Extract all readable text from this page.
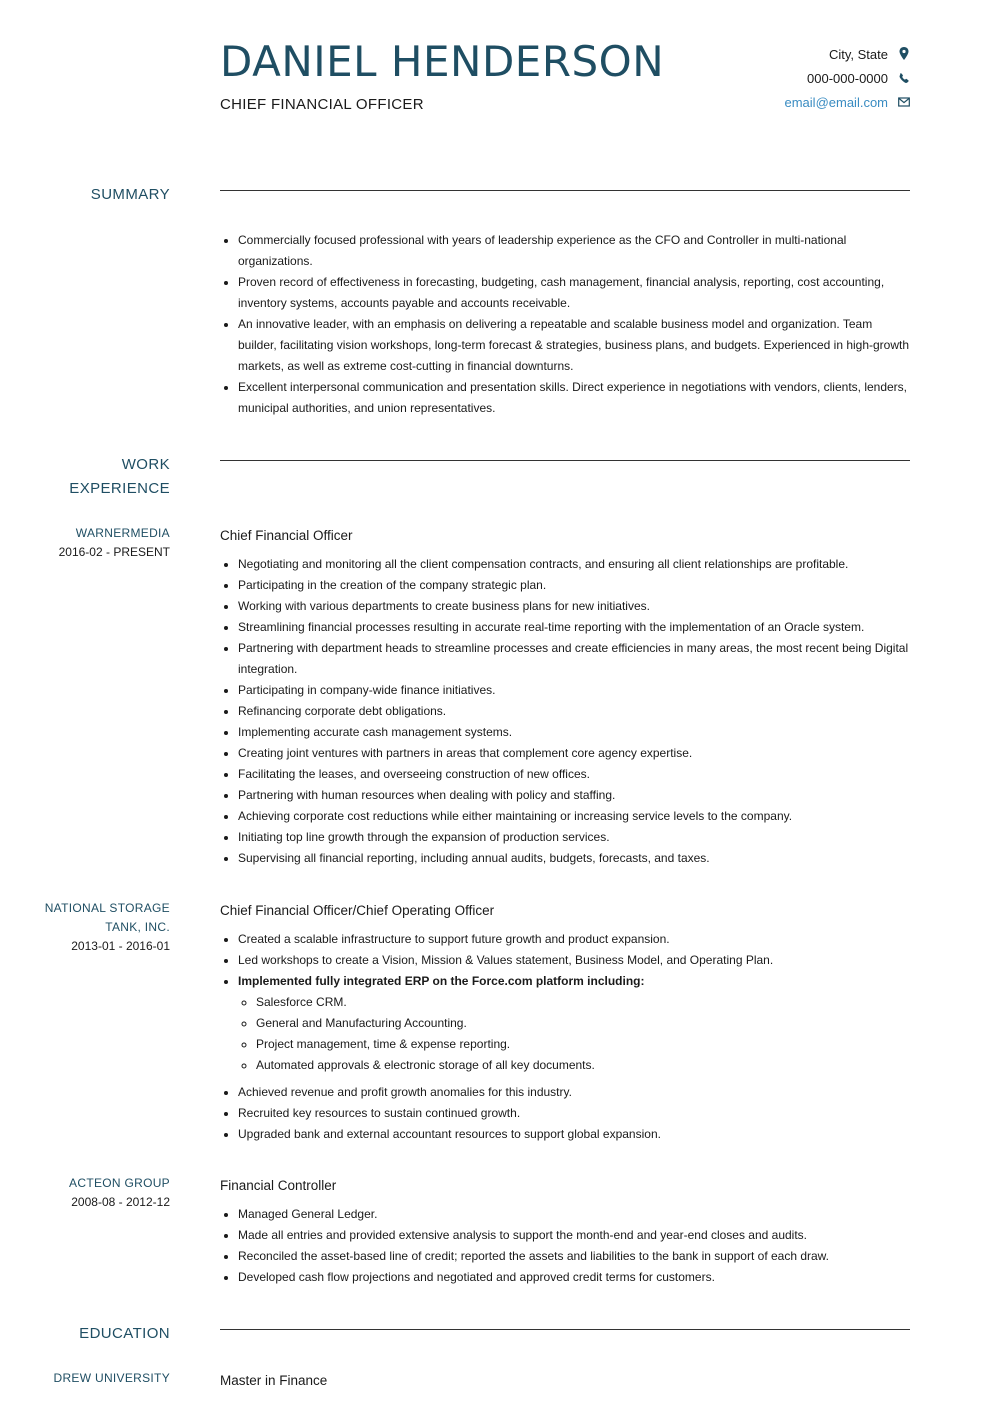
DANIEL HENDERSON
CHIEF FINANCIAL OFFICER
City, State
000-000-0000
email@email.com
SUMMARY
• Commercially focused professional with years of leadership experience as the CFO and Controller in multi-national organizations.
• Proven record of effectiveness in forecasting, budgeting, cash management, financial analysis, reporting, cost accounting, inventory systems, accounts payable and accounts receivable.
• An innovative leader, with an emphasis on delivering a repeatable and scalable business model and organization. Team builder, facilitating vision workshops, long-term forecast & strategies, business plans, and budgets. Experienced in high-growth markets, as well as extreme cost-cutting in financial downturns.
• Excellent interpersonal communication and presentation skills. Direct experience in negotiations with vendors, clients, lenders, municipal authorities, and union representatives.
WORK
EXPERIENCE
WARNERMEDIA
2016-02 - PRESENT
Chief Financial Officer
• Negotiating and monitoring all the client compensation contracts, and ensuring all client relationships are profitable.
• Participating in the creation of the company strategic plan.
• Working with various departments to create business plans for new initiatives.
• Streamlining financial processes resulting in accurate real-time reporting with the implementation of an Oracle system.
• Partnering with department heads to streamline processes and create efficiencies in many areas, the most recent being Digital integration.
• Participating in company-wide finance initiatives.
• Refinancing corporate debt obligations.
• Implementing accurate cash management systems.
• Creating joint ventures with partners in areas that complement core agency expertise.
• Facilitating the leases, and overseeing construction of new offices.
• Partnering with human resources when dealing with policy and staffing.
• Achieving corporate cost reductions while either maintaining or increasing service levels to the company.
• Initiating top line growth through the expansion of production services.
• Supervising all financial reporting, including annual audits, budgets, forecasts, and taxes.
NATIONAL STORAGE
TANK, INC.
2013-01 - 2016-01
Chief Financial Officer/Chief Operating Officer
• Created a scalable infrastructure to support future growth and product expansion.
• Led workshops to create a Vision, Mission & Values statement, Business Model, and Operating Plan.
• Implemented fully integrated ERP on the Force.com platform including:
◦ Salesforce CRM.
◦ General and Manufacturing Accounting.
◦ Project management, time & expense reporting.
◦ Automated approvals & electronic storage of all key documents.
• Achieved revenue and profit growth anomalies for this industry.
• Recruited key resources to sustain continued growth.
• Upgraded bank and external accountant resources to support global expansion.
ACTEON GROUP
2008-08 - 2012-12
Financial Controller
• Managed General Ledger.
• Made all entries and provided extensive analysis to support the month-end and year-end closes and audits.
• Reconciled the asset-based line of credit; reported the assets and liabilities to the bank in support of each draw.
• Developed cash flow projections and negotiated and approved credit terms for customers.
EDUCATION
DREW UNIVERSITY	Master in Finance
